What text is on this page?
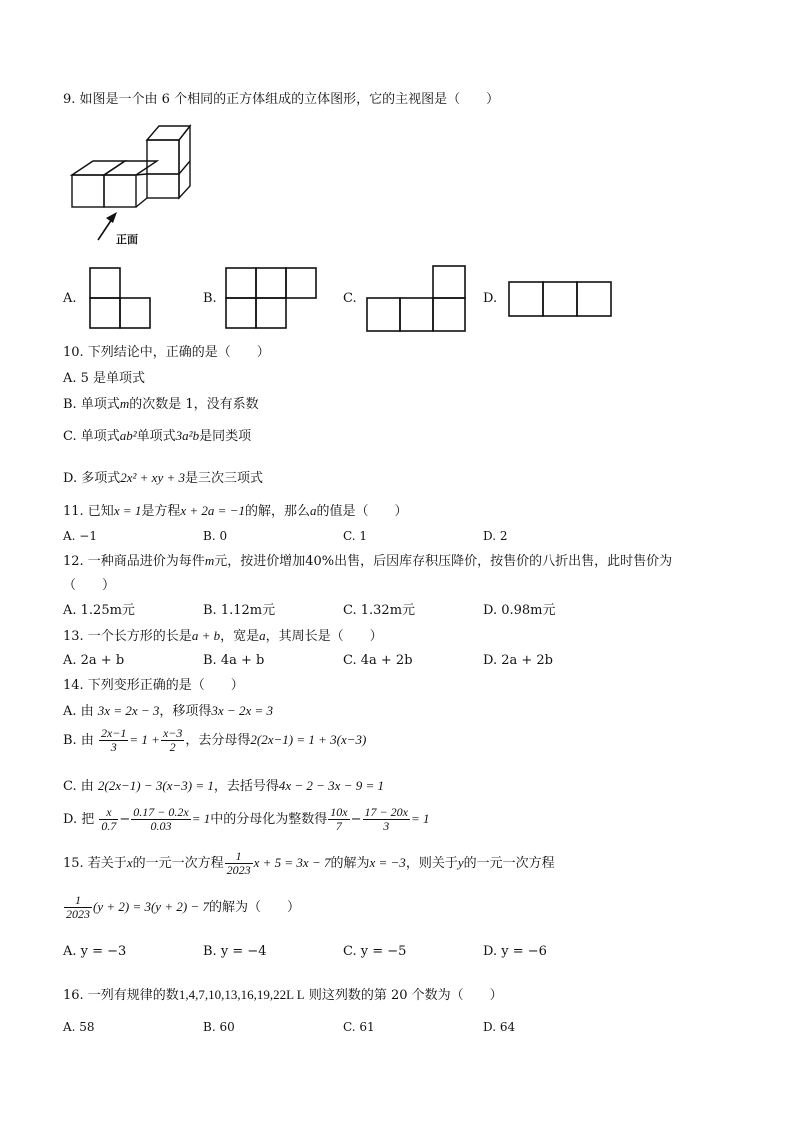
9. 如图是一个由 6 个相同的正方体组成的立体图形，它的主视图是（　　）
正面
A.	B.	C.	D.
10. 下列结论中，正确的是（　　）
A. 5 是单项式
B. 单项式m的次数是 1，没有系数
C. 单项式ab²单项式3a²b是同类项
D. 多项式2x² + xy + 3是三次三项式
11. 已知x = 1是方程x + 2a = −1的解，那么a的值是（　　）
A. −1	B. 0	C. 1	D. 2
12. 一种商品进价为每件m元，按进价增加40%出售，后因库存积压降价，按售价的八折出售，此时售价为
（　　）
A. 1.25m元	B. 1.12m元	C. 1.32m元	D. 0.98m元
13. 一个长方形的长是a + b，宽是a，其周长是（　　）
A. 2a + b	B. 4a + b	C. 4a + 2b	D. 2a + 2b
14. 下列变形正确的是（　　）
A. 由 3x = 2x − 3，移项得3x − 2x = 3
B. 由 $\frac{2x-1}{3} = 1 + \frac{x-3}{2}$ ，去分母得2(2x−1) = 1 + 3(x−3)
C. 由 2(2x−1) − 3(x−3) = 1，去括号得4x − 2 − 3x − 9 = 1
D. 把 $\frac{x}{0.7} - \frac{0.17 - 0.2x}{0.03} = 1$中的分母化为整数得 $\frac{10x}{7} - \frac{17 - 20x}{3} = 1$
15. 若关于x的一元一次方程 $\frac{1}{2023}$ x + 5 = 3x − 7的解为x = −3，则关于y的一元一次方程
$\frac{1}{2023} (y + 2) = 3(y + 2) - 7$的解为（　　）
A. y = −3	B. y = −4	C. y = −5	D. y = −6
16. 一列有规律的数1,4,7,10,13,16,19,22L L 则这列数的第 20 个数为（　　）
A. 58	B. 60	C. 61	D. 64
